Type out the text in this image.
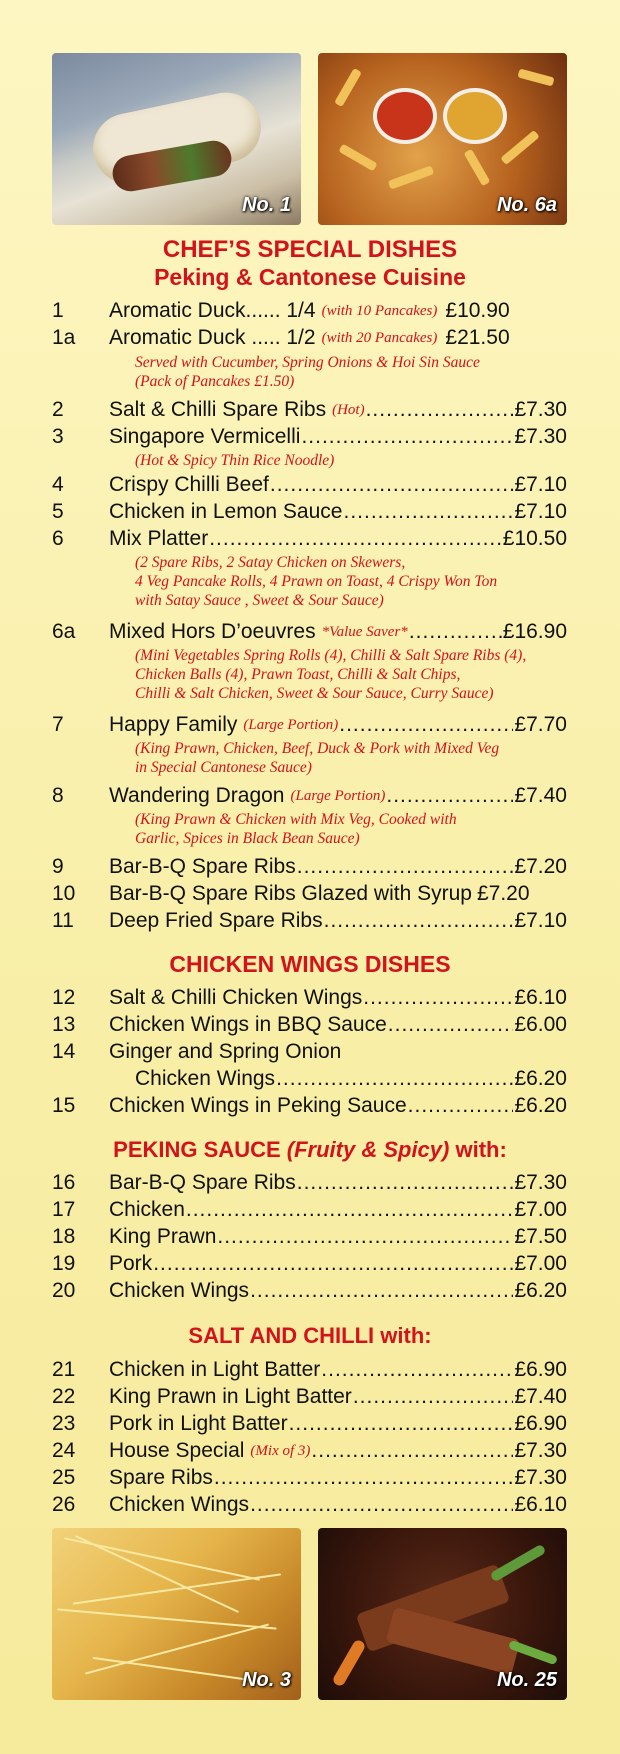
No. 1	No. 6a
CHEF’S SPECIAL DISHES
Peking & Cantonese Cuisine
1 Aromatic Duck...... 1/4 (with 10 Pancakes) £10.90
1a Aromatic Duck ..... 1/2 (with 20 Pancakes) £21.50
Served with Cucumber, Spring Onions & Hoi Sin Sauce
(Pack of Pancakes £1.50)
2 Salt & Chilli Spare Ribs (Hot) .....	£7.30
3 Singapore Vermicelli .....	£7.30
(Hot & Spicy Thin Rice Noodle)
4 Crispy Chilli Beef .....	£7.10
5 Chicken in Lemon Sauce .....	£7.10
6 Mix Platter .....	£10.50
(2 Spare Ribs, 2 Satay Chicken on Skewers,
4 Veg Pancake Rolls, 4 Prawn on Toast, 4 Crispy Won Ton
with Satay Sauce , Sweet & Sour Sauce)
6a Mixed Hors D’oeuvres *Value Saver* .....	£16.90
(Mini Vegetables Spring Rolls (4), Chilli & Salt Spare Ribs (4),
Chicken Balls (4), Prawn Toast, Chilli & Salt Chips,
Chilli & Salt Chicken, Sweet & Sour Sauce, Curry Sauce)
7 Happy Family (Large Portion) .....	£7.70
(King Prawn, Chicken, Beef, Duck & Pork with Mixed Veg
in Special Cantonese Sauce)
8 Wandering Dragon (Large Portion) .....	£7.40
(King Prawn & Chicken with Mix Veg, Cooked with
Garlic, Spices in Black Bean Sauce)
9 Bar-B-Q Spare Ribs .....	£7.20
10 Bar-B-Q Spare Ribs Glazed with Syrup £7.20
11 Deep Fried Spare Ribs .....	£7.10
CHICKEN WINGS DISHES
12 Salt & Chilli Chicken Wings .....	£6.10
13 Chicken Wings in BBQ Sauce .....	£6.00
14 Ginger and Spring Onion
Chicken Wings .....	£6.20
15 Chicken Wings in Peking Sauce .....	£6.20
PEKING SAUCE (Fruity & Spicy) with:
16 Bar-B-Q Spare Ribs .....	£7.30
17 Chicken .....	£7.00
18 King Prawn .....	£7.50
19 Pork .....	£7.00
20 Chicken Wings .....	£6.20
SALT AND CHILLI with:
21 Chicken in Light Batter .....	£6.90
22 King Prawn in Light Batter .....	£7.40
23 Pork in Light Batter .....	£6.90
24 House Special (Mix of 3) .....	£7.30
25 Spare Ribs .....	£7.30
26 Chicken Wings .....	£6.10
No. 3	No. 25
